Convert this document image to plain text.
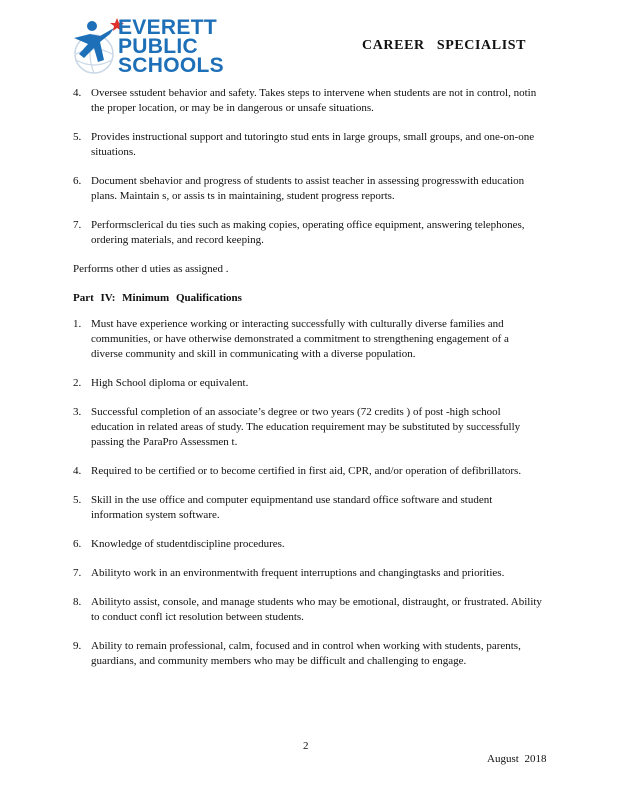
EVERETT
PUBLIC
SCHOOLS
CAREER SPECIALIST
4. Oversee sstudent behavior and safety. Takes steps to intervene when students are not in control, notin the proper location, or may be in dangerous or unsafe situations.
5. Provides instructional support and tutoringto stud ents in large groups, small groups, and one-on-one situations.
6. Document sbehavior and progress of students to assist teacher in assessing progresswith education plans. Maintain s, or assis ts in maintaining, student progress reports.
7. Performsclerical du ties such as making copies, operating office equipment, answering telephones, ordering materials, and record keeping.
Performs other d uties as assigned .
Part IV: Minimum Qualifications
1. Must have experience working or interacting successfully with culturally diverse families and communities, or have otherwise demonstrated a commitment to strengthening engagement of a diverse community and skill in communicating with a diverse population.
2. High School diploma or equivalent.
3. Successful completion of an associate’s degree or two years (72 credits ) of post -high school education in related areas of study. The education requirement may be substituted by successfully passing the ParaPro Assessmen t.
4. Required to be certified or to become certified in first aid, CPR, and/or operation of defibrillators.
5. Skill in the use office and computer equipmentand use standard office software and student information system software.
6. Knowledge of studentdiscipline procedures.
7. Abilityto work in an environmentwith frequent interruptions and changingtasks and priorities.
8. Abilityto assist, console, and manage students who may be emotional, distraught, or frustrated. Ability to conduct confl ict resolution between students.
9. Ability to remain professional, calm, focused and in control when working with students, parents, guardians, and community members who may be difficult and challenging to engage.
2
August 2018
